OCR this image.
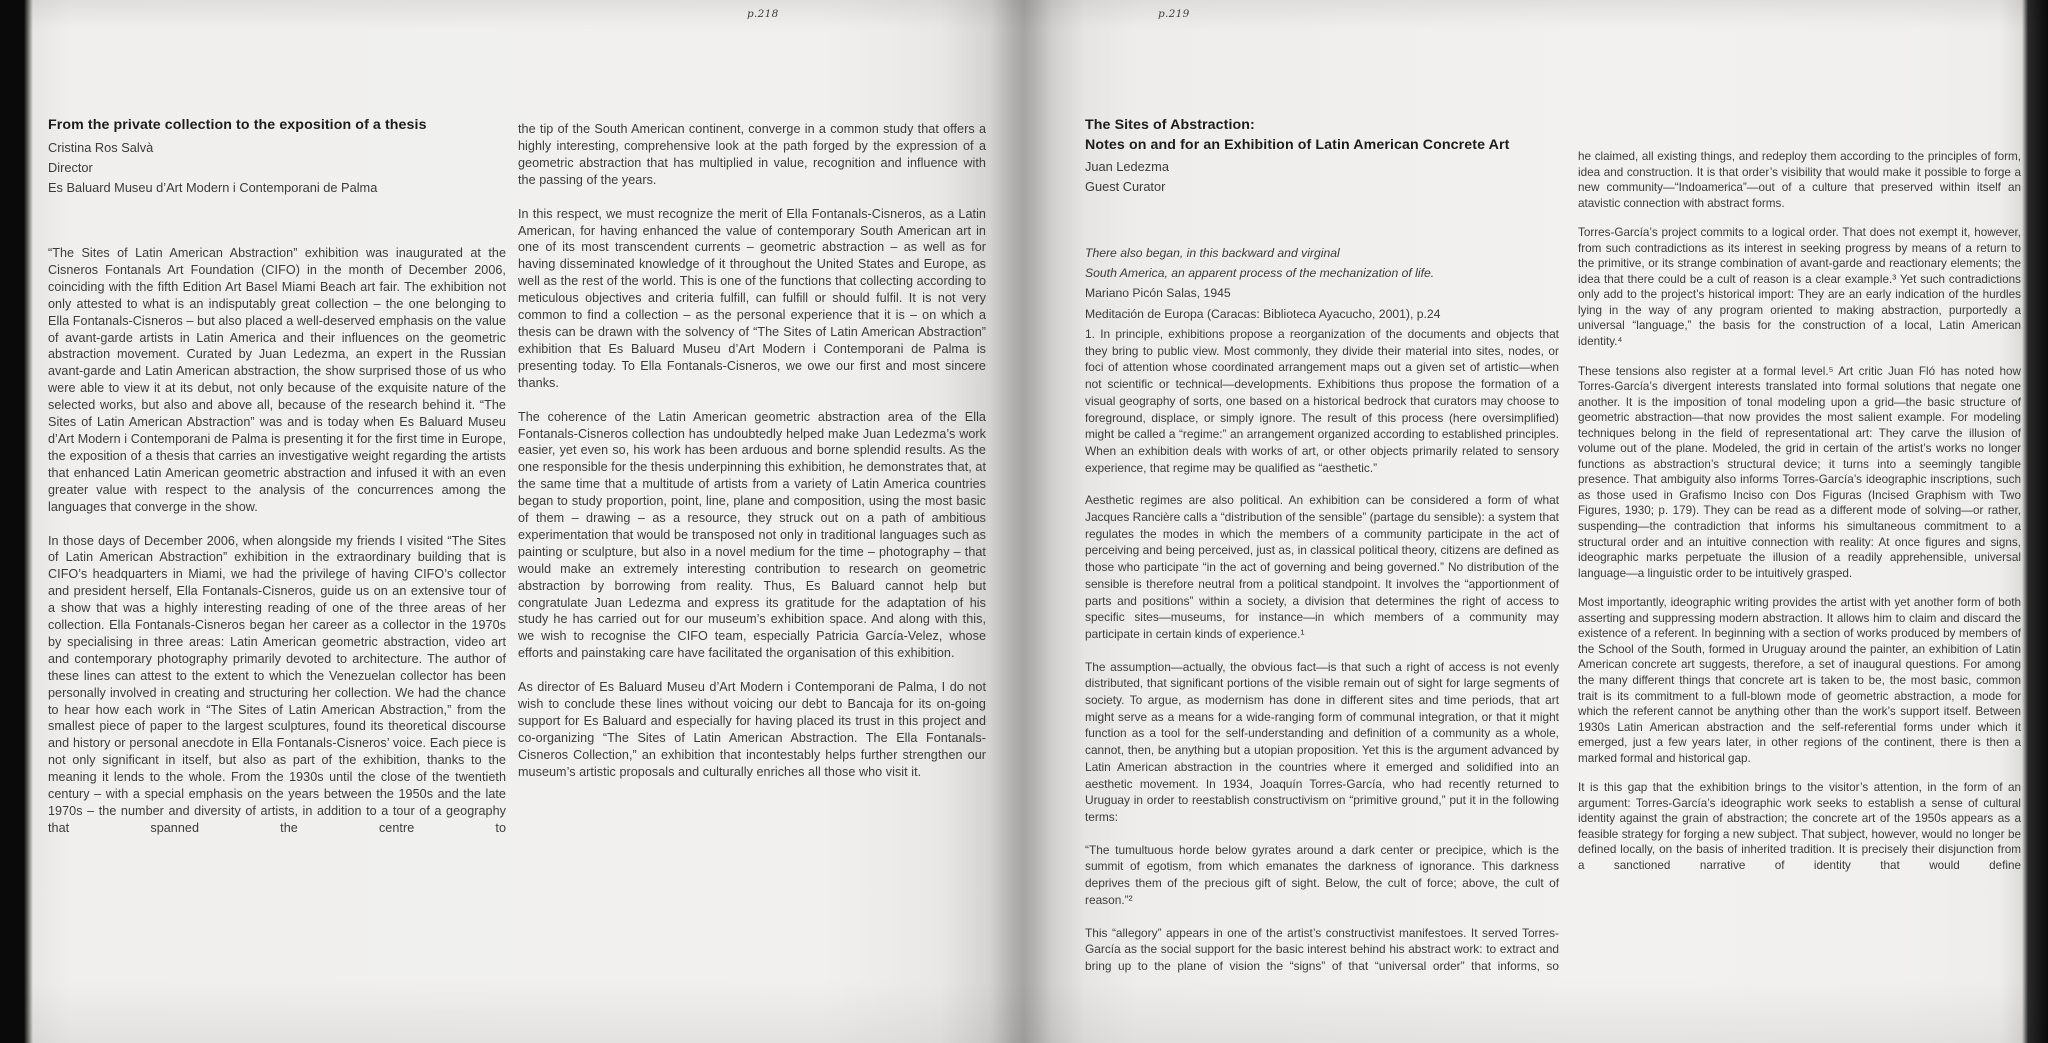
p.218	p.219
From the private collection to the exposition of a thesis
Cristina Ros Salvà
Director
Es Baluard Museu d’Art Modern i Contemporani de Palma

“The Sites of Latin American Abstraction” exhibition was inaugurated at the Cisneros Fontanals Art Foundation (CIFO) in the month of December 2006, coinciding with the fifth Edition Art Basel Miami Beach art fair. The exhibition not only attested to what is an indisputably great collection – the one belonging to Ella Fontanals-Cisneros – but also placed a well-deserved emphasis on the value of avant-garde artists in Latin America and their influences on the geometric abstraction movement. Curated by Juan Ledezma, an expert in the Russian avant-garde and Latin American abstraction, the show surprised those of us who were able to view it at its debut, not only because of the exquisite nature of the selected works, but also and above all, because of the research behind it. “The Sites of Latin American Abstraction” was and is today when Es Baluard Museu d’Art Modern i Contemporani de Palma is presenting it for the first time in Europe, the exposition of a thesis that carries an investigative weight regarding the artists that enhanced Latin American geometric abstraction and infused it with an even greater value with respect to the analysis of the concurrences among the languages that converge in the show.

In those days of December 2006, when alongside my friends I visited “The Sites of Latin American Abstraction” exhibition in the extraordinary building that is CIFO’s headquarters in Miami, we had the privilege of having CIFO’s collector and president herself, Ella Fontanals-Cisneros, guide us on an extensive tour of a show that was a highly interesting reading of one of the three areas of her collection. Ella Fontanals-Cisneros began her career as a collector in the 1970s by specialising in three areas: Latin American geometric abstraction, video art and contemporary photography primarily devoted to architecture. The author of these lines can attest to the extent to which the Venezuelan collector has been personally involved in creating and structuring her collection. We had the chance to hear how each work in “The Sites of Latin American Abstraction,” from the smallest piece of paper to the largest sculptures, found its theoretical discourse and history or personal anecdote in Ella Fontanals-Cisneros’ voice. Each piece is not only significant in itself, but also as part of the exhibition, thanks to the meaning it lends to the whole. From the 1930s until the close of the twentieth century – with a special emphasis on the years between the 1950s and the late 1970s – the number and diversity of artists, in addition to a tour of a geography that spanned the centre to

the tip of the South American continent, converge in a common study that offers a highly interesting, comprehensive look at the path forged by the expression of a geometric abstraction that has multiplied in value, recognition and influence with the passing of the years.

In this respect, we must recognize the merit of Ella Fontanals-Cisneros, as a Latin American, for having enhanced the value of contemporary South American art in one of its most transcendent currents – geometric abstraction – as well as for having disseminated knowledge of it throughout the United States and Europe, as well as the rest of the world. This is one of the functions that collecting according to meticulous objectives and criteria fulfill, can fulfill or should fulfil. It is not very common to find a collection – as the personal experience that it is – on which a thesis can be drawn with the solvency of “The Sites of Latin American Abstraction” exhibition that Es Baluard Museu d’Art Modern i Contemporani de Palma is presenting today. To Ella Fontanals-Cisneros, we owe our first and most sincere thanks.

The coherence of the Latin American geometric abstraction area of the Ella Fontanals-Cisneros collection has undoubtedly helped make Juan Ledezma’s work easier, yet even so, his work has been arduous and borne splendid results. As the one responsible for the thesis underpinning this exhibition, he demonstrates that, at the same time that a multitude of artists from a variety of Latin America countries began to study proportion, point, line, plane and composition, using the most basic of them – drawing – as a resource, they struck out on a path of ambitious experimentation that would be transposed not only in traditional languages such as painting or sculpture, but also in a novel medium for the time – photography – that would make an extremely interesting contribution to research on geometric abstraction by borrowing from reality. Thus, Es Baluard cannot help but congratulate Juan Ledezma and express its gratitude for the adaptation of his study he has carried out for our museum’s exhibition space. And along with this, we wish to recognise the CIFO team, especially Patricia García-Velez, whose efforts and painstaking care have facilitated the organisation of this exhibition.

As director of Es Baluard Museu d’Art Modern i Contemporani de Palma, I do not wish to conclude these lines without voicing our debt to Bancaja for its on-going support for Es Baluard and especially for having placed its trust in this project and co-organizing “The Sites of Latin American Abstraction. The Ella Fontanals-Cisneros Collection,” an exhibition that incontestably helps further strengthen our museum’s artistic proposals and culturally enriches all those who visit it.

The Sites of Abstraction:
Notes on and for an Exhibition of Latin American Concrete Art
Juan Ledezma
Guest Curator
There also began, in this backward and virginal
South America, an apparent process of the mechanization of life.
Mariano Picón Salas, 1945
Meditación de Europa (Caracas: Biblioteca Ayacucho, 2001), p.24

1. In principle, exhibitions propose a reorganization of the documents and objects that they bring to public view. Most commonly, they divide their material into sites, nodes, or foci of attention whose coordinated arrangement maps out a given set of artistic—when not scientific or technical—developments. Exhibitions thus propose the formation of a visual geography of sorts, one based on a historical bedrock that curators may choose to foreground, displace, or simply ignore. The result of this process (here oversimplified) might be called a “regime:” an arrangement organized according to established principles. When an exhibition deals with works of art, or other objects primarily related to sensory experience, that regime may be qualified as “aesthetic.”

Aesthetic regimes are also political. An exhibition can be considered a form of what Jacques Rancière calls a “distribution of the sensible” (partage du sensible): a system that regulates the modes in which the members of a community participate in the act of perceiving and being perceived, just as, in classical political theory, citizens are defined as those who participate “in the act of governing and being governed.” No distribution of the sensible is therefore neutral from a political standpoint. It involves the “apportionment of parts and positions” within a society, a division that determines the right of access to specific sites—museums, for instance—in which members of a community may participate in certain kinds of experience.¹

The assumption—actually, the obvious fact—is that such a right of access is not evenly distributed, that significant portions of the visible remain out of sight for large segments of society. To argue, as modernism has done in different sites and time periods, that art might serve as a means for a wide-ranging form of communal integration, or that it might function as a tool for the self-understanding and definition of a community as a whole, cannot, then, be anything but a utopian proposition. Yet this is the argument advanced by Latin American abstraction in the countries where it emerged and solidified into an aesthetic movement. In 1934, Joaquín Torres-García, who had recently returned to Uruguay in order to reestablish constructivism on “primitive ground,” put it in the following terms:

“The tumultuous horde below gyrates around a dark center or precipice, which is the summit of egotism, from which emanates the darkness of ignorance. This darkness deprives them of the precious gift of sight. Below, the cult of force; above, the cult of reason.”²

This “allegory” appears in one of the artist’s constructivist manifestoes. It served Torres-García as the social support for the basic interest behind his abstract work: to extract and bring up to the plane of vision the “signs” of that “universal order” that informs, so

he claimed, all existing things, and redeploy them according to the principles of form, idea and construction. It is that order’s visibility that would make it possible to forge a new community—“Indoamerica”—out of a culture that preserved within itself an atavistic connection with abstract forms.

Torres-García’s project commits to a logical order. That does not exempt it, however, from such contradictions as its interest in seeking progress by means of a return to the primitive, or its strange combination of avant-garde and reactionary elements; the idea that there could be a cult of reason is a clear example.³ Yet such contradictions only add to the project’s historical import: They are an early indication of the hurdles lying in the way of any program oriented to making abstraction, purportedly a universal “language,” the basis for the construction of a local, Latin American identity.⁴

These tensions also register at a formal level.⁵ Art critic Juan Fló has noted how Torres-García’s divergent interests translated into formal solutions that negate one another. It is the imposition of tonal modeling upon a grid—the basic structure of geometric abstraction—that now provides the most salient example. For modeling techniques belong in the field of representational art: They carve the illusion of volume out of the plane. Modeled, the grid in certain of the artist’s works no longer functions as abstraction’s structural device; it turns into a seemingly tangible presence. That ambiguity also informs Torres-García’s ideographic inscriptions, such as those used in Grafismo Inciso con Dos Figuras (Incised Graphism with Two Figures, 1930; p. 179). They can be read as a different mode of solving—or rather, suspending—the contradiction that informs his simultaneous commitment to a structural order and an intuitive connection with reality: At once figures and signs, ideographic marks perpetuate the illusion of a readily apprehensible, universal language—a linguistic order to be intuitively grasped.

Most importantly, ideographic writing provides the artist with yet another form of both asserting and suppressing modern abstraction. It allows him to claim and discard the existence of a referent. In beginning with a section of works produced by members of the School of the South, formed in Uruguay around the painter, an exhibition of Latin American concrete art suggests, therefore, a set of inaugural questions. For among the many different things that concrete art is taken to be, the most basic, common trait is its commitment to a full-blown mode of geometric abstraction, a mode for which the referent cannot be anything other than the work’s support itself. Between 1930s Latin American abstraction and the self-referential forms under which it emerged, just a few years later, in other regions of the continent, there is then a marked formal and historical gap.

It is this gap that the exhibition brings to the visitor’s attention, in the form of an argument: Torres-García’s ideographic work seeks to establish a sense of cultural identity against the grain of abstraction; the concrete art of the 1950s appears as a feasible strategy for forging a new subject. That subject, however, would no longer be defined locally, on the basis of inherited tradition. It is precisely their disjunction from a sanctioned narrative of identity that would define
